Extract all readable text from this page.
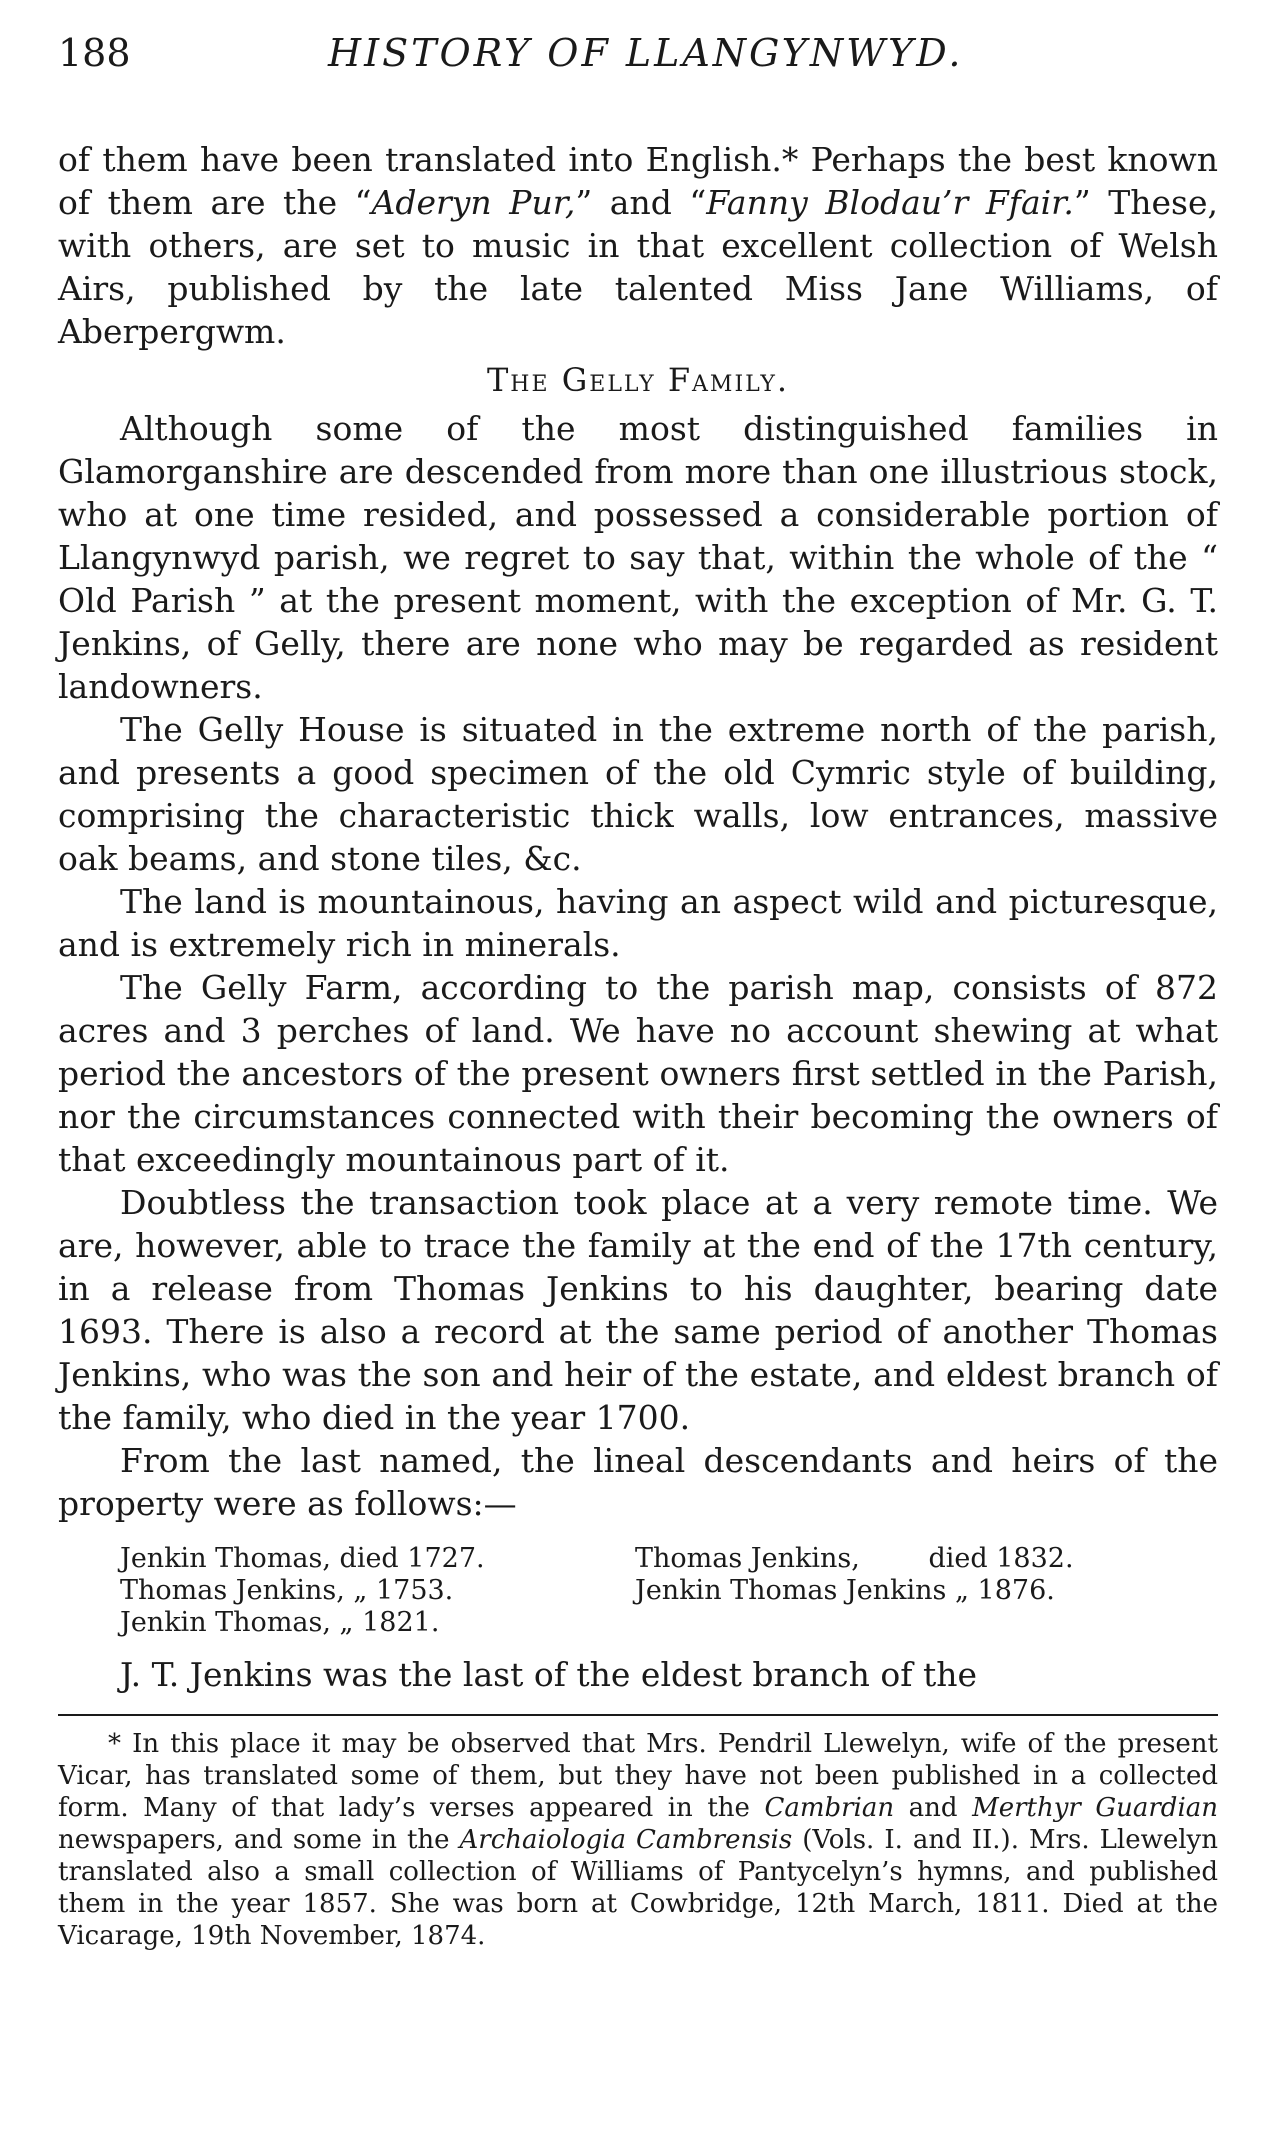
188	HISTORY OF LLANGYNWYD.

of them have been translated into English.* Perhaps the best known of them are the “Aderyn Pur,” and “Fanny Blodau’r Ffair.” These, with others, are set to music in that excellent collection of Welsh Airs, published by the late talented Miss Jane Williams, of Aberpergwm.

The Gelly Family.

Although some of the most distinguished families in Glamorganshire are descended from more than one illustrious stock, who at one time resided, and possessed a considerable portion of Llangynwyd parish, we regret to say that, within the whole of the “ Old Parish ” at the present moment, with the exception of Mr. G. T. Jenkins, of Gelly, there are none who may be regarded as resident landowners.

The Gelly House is situated in the extreme north of the parish, and presents a good specimen of the old Cymric style of building, comprising the characteristic thick walls, low entrances, massive oak beams, and stone tiles, &c.

The land is mountainous, having an aspect wild and picturesque, and is extremely rich in minerals.

The Gelly Farm, according to the parish map, consists of 872 acres and 3 perches of land. We have no account shewing at what period the ancestors of the present owners first settled in the Parish, nor the circumstances connected with their becoming the owners of that exceedingly mountainous part of it.

Doubtless the transaction took place at a very remote time. We are, however, able to trace the family at the end of the 17th century, in a release from Thomas Jenkins to his daughter, bearing date 1693. There is also a record at the same period of another Thomas Jenkins, who was the son and heir of the estate, and eldest branch of the family, who died in the year 1700.

From the last named, the lineal descendants and heirs of the property were as follows:—

Jenkin Thomas, died 1727.	Thomas Jenkins,        died 1832.
Thomas Jenkins, „ 1753.	Jenkin Thomas Jenkins „ 1876.
Jenkin Thomas, „ 1821.

J. T. Jenkins was the last of the eldest branch of the

* In this place it may be observed that Mrs. Pendril Llewelyn, wife of the present Vicar, has translated some of them, but they have not been published in a collected form. Many of that lady’s verses appeared in the Cambrian and Merthyr Guardian newspapers, and some in the Archaiologia Cambrensis (Vols. I. and II.). Mrs. Llewelyn translated also a small collection of Williams of Pantycelyn’s hymns, and published them in the year 1857. She was born at Cowbridge, 12th March, 1811. Died at the Vicarage, 19th November, 1874.
